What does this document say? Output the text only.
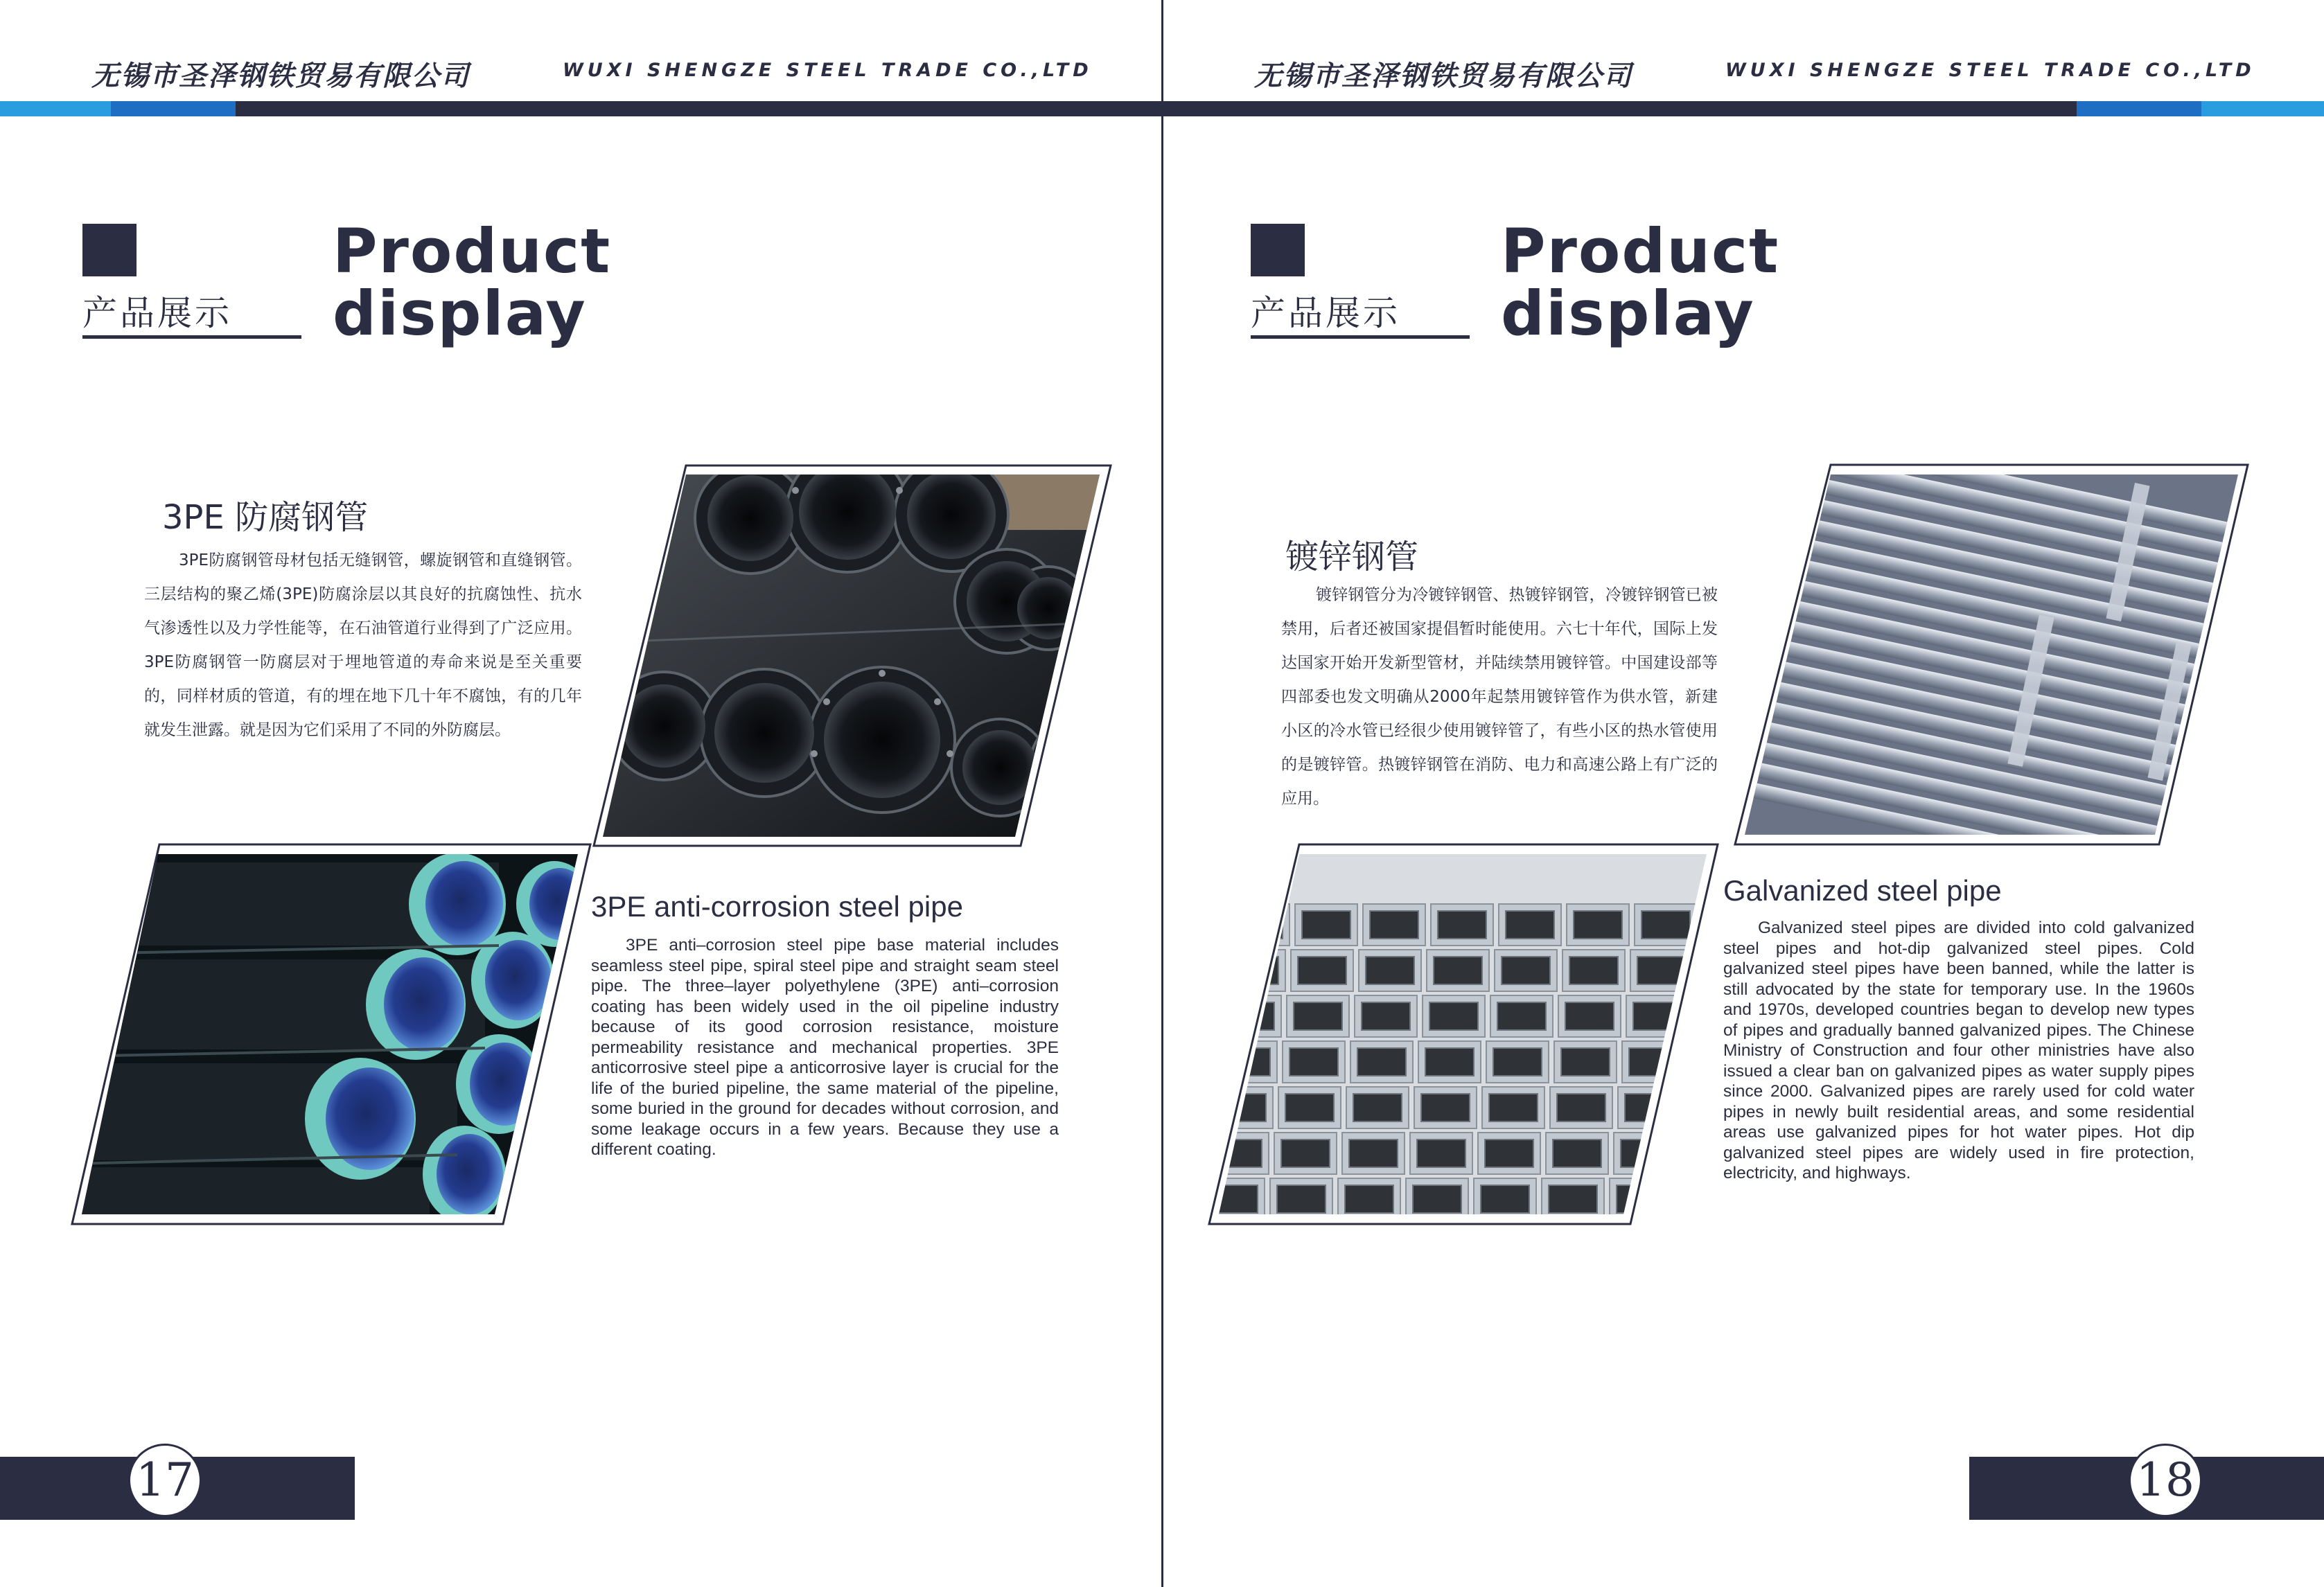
无锡市圣泽钢铁贸易有限公司	WUXI SHENGZE STEEL TRADE CO.,LTD
产品展示
Product
display
3PE 防腐钢管
3PE防腐钢管母材包括无缝钢管，螺旋钢管和直缝钢管。三层结构的聚乙烯(3PE)防腐涂层以其良好的抗腐蚀性、抗水气渗透性以及力学性能等，在石油管道行业得到了广泛应用。3PE防腐钢管一防腐层对于埋地管道的寿命来说是至关重要的，同样材质的管道，有的埋在地下几十年不腐蚀，有的几年就发生泄露。就是因为它们采用了不同的外防腐层。
3PE anti-corrosion steel pipe
3PE anti–corrosion steel pipe base material includes seamless steel pipe, spiral steel pipe and straight seam steel pipe. The three–layer polyethylene (3PE) anti–corrosion coating has been widely used in the oil pipeline industry because of its good corrosion resistance, moisture permeability resistance and mechanical properties. 3PE anticorrosive steel pipe a anticorrosive layer is crucial for the life of the buried pipeline, the same material of the pipeline, some buried in the ground for decades without corrosion, and some leakage occurs in a few years. Because they use a different coating.
17
无锡市圣泽钢铁贸易有限公司	WUXI SHENGZE STEEL TRADE CO.,LTD
产品展示
Product
display
镀锌钢管
镀锌钢管分为冷镀锌钢管、热镀锌钢管，冷镀锌钢管已被禁用，后者还被国家提倡暂时能使用。六七十年代，国际上发达国家开始开发新型管材，并陆续禁用镀锌管。中国建设部等四部委也发文明确从2000年起禁用镀锌管作为供水管，新建小区的冷水管已经很少使用镀锌管了，有些小区的热水管使用的是镀锌管。热镀锌钢管在消防、电力和高速公路上有广泛的应用。
Galvanized steel pipe
Galvanized steel pipes are divided into cold galvanized steel pipes and hot-dip galvanized steel pipes. Cold galvanized steel pipes have been banned, while the latter is still advocated by the state for temporary use. In the 1960s and 1970s, developed countries began to develop new types of pipes and gradually banned galvanized pipes. The Chinese Ministry of Construction and four other ministries have also issued a clear ban on galvanized pipes as water supply pipes since 2000. Galvanized pipes are rarely used for cold water pipes in newly built residential areas, and some residential areas use galvanized pipes for hot water pipes. Hot dip galvanized steel pipes are widely used in fire protection, electricity, and highways.
18
